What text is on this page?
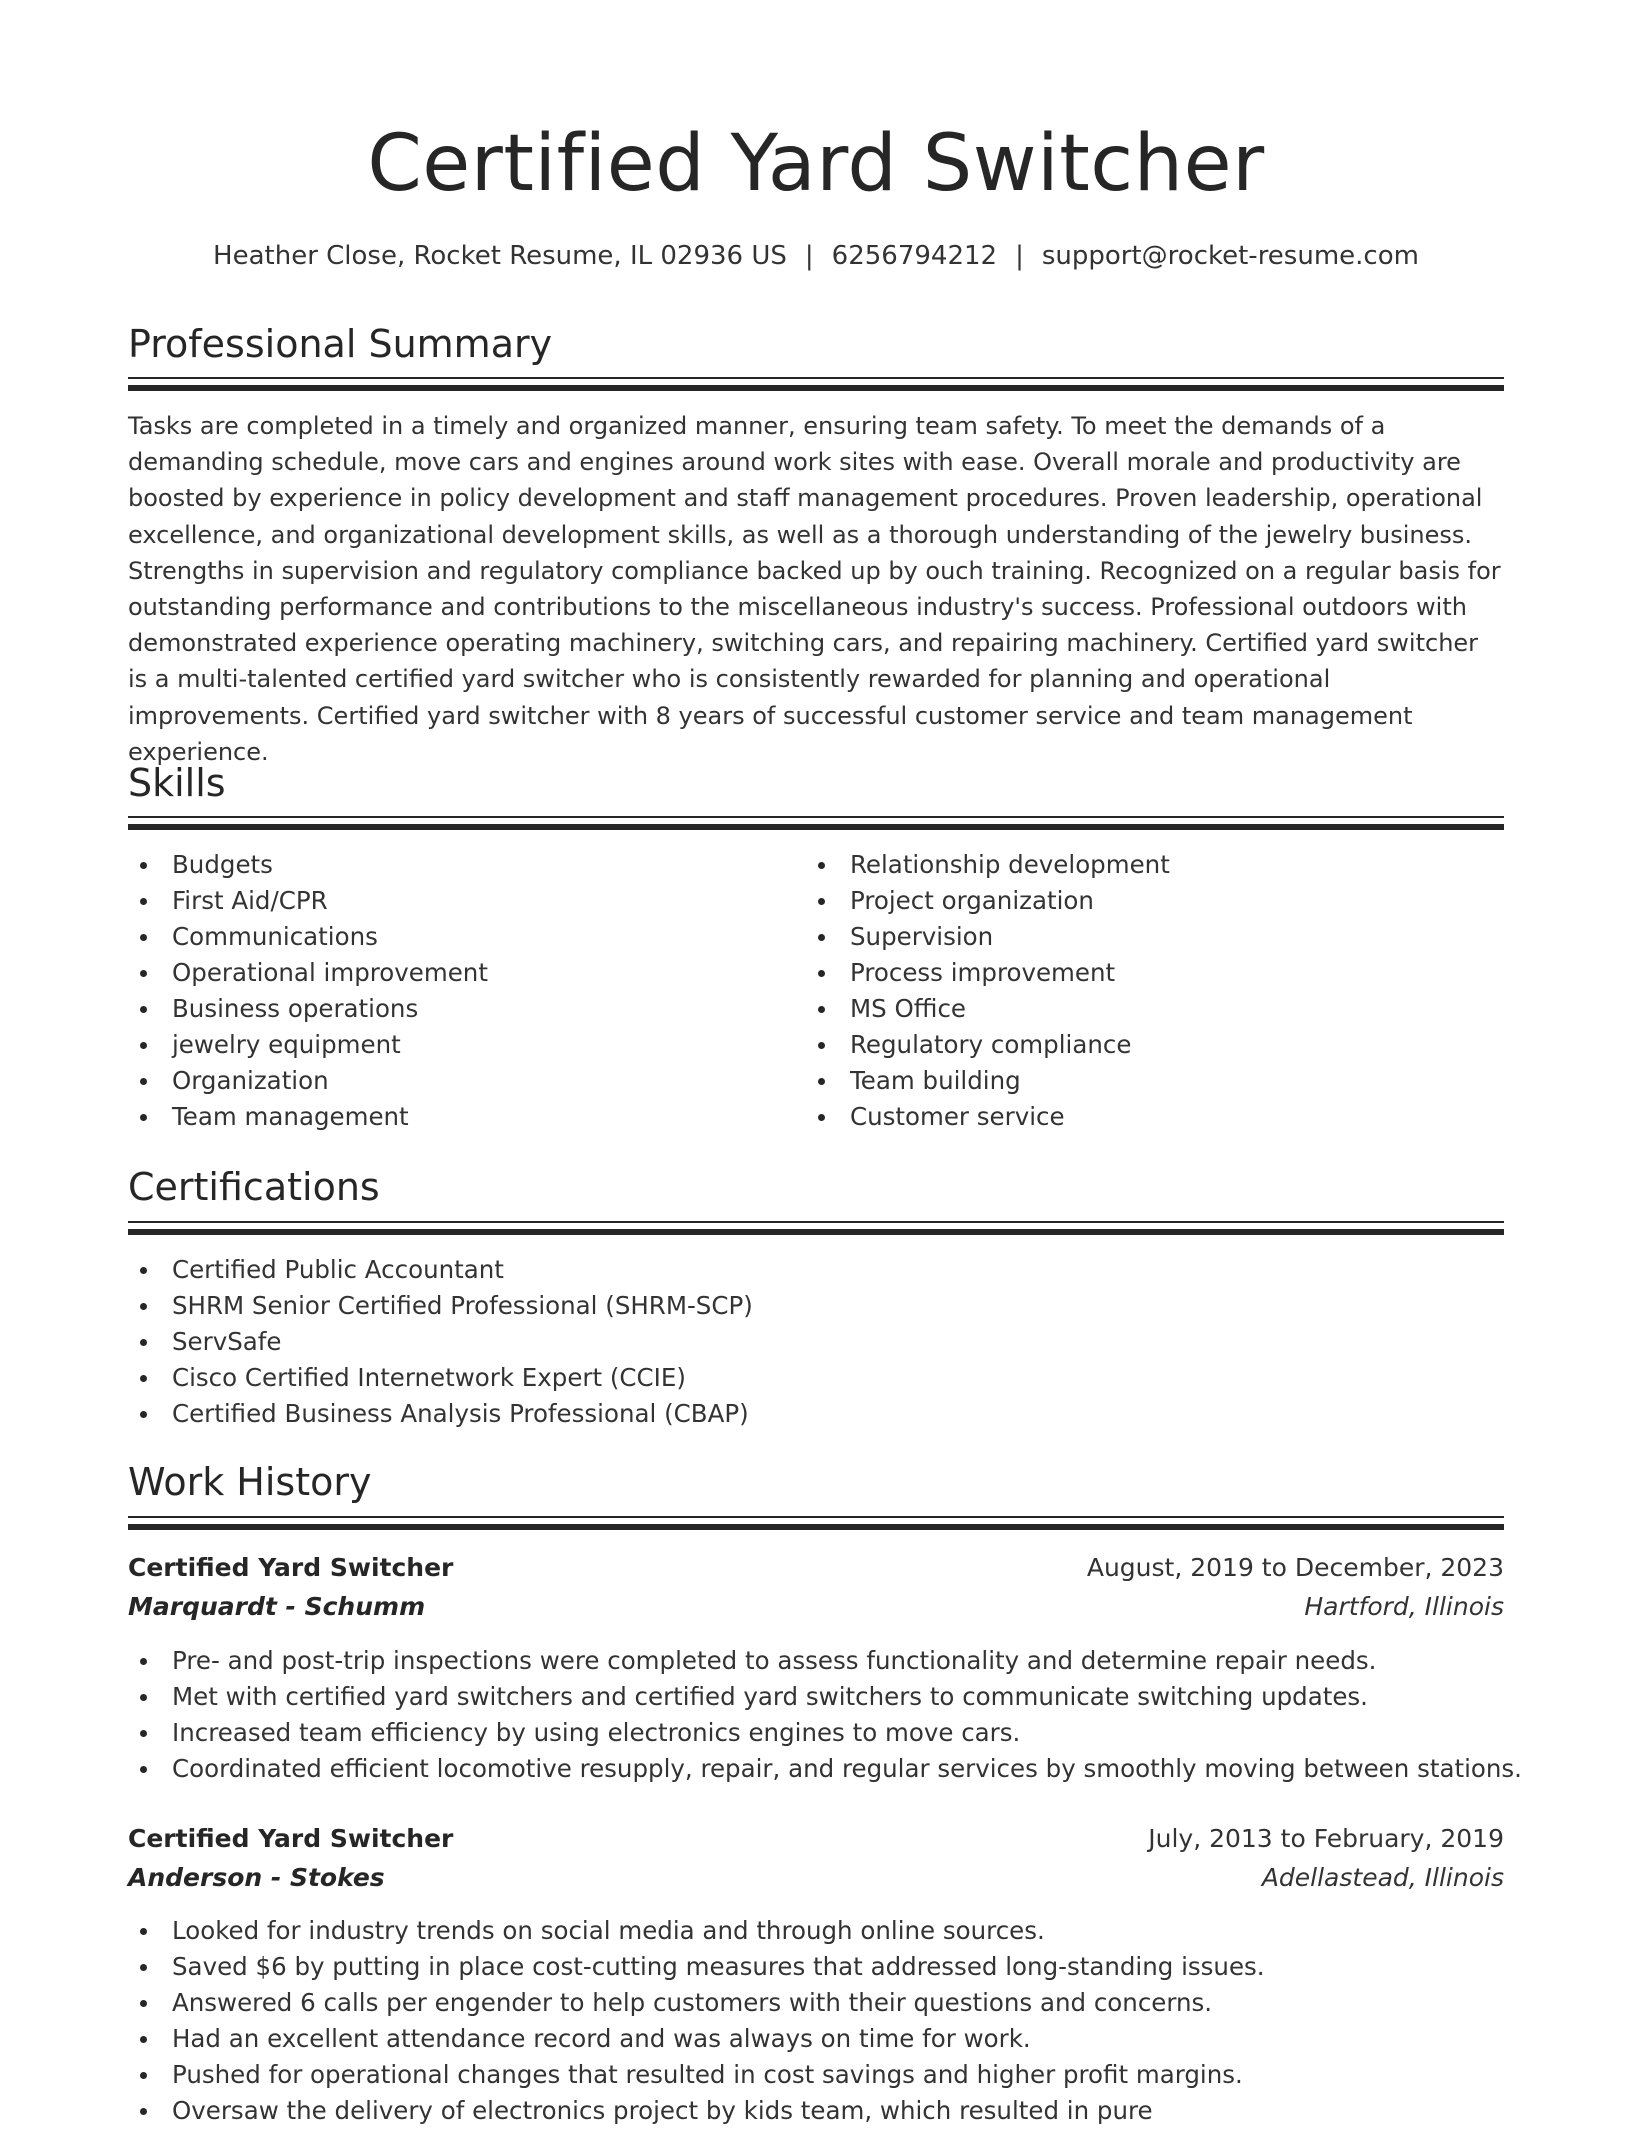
Certified Yard Switcher
Heather Close, Rocket Resume, IL 02936 US | 6256794212 | support@rocket-resume.com
Professional Summary

Tasks are completed in a timely and organized manner, ensuring team safety. To meet the demands of a demanding schedule, move cars and engines around work sites with ease. Overall morale and productivity are boosted by experience in policy development and staff management procedures. Proven leadership, operational excellence, and organizational development skills, as well as a thorough understanding of the jewelry business. Strengths in supervision and regulatory compliance backed up by ouch training. Recognized on a regular basis for outstanding performance and contributions to the miscellaneous industry's success. Professional outdoors with demonstrated experience operating machinery, switching cars, and repairing machinery. Certified yard switcher is a multi-talented certified yard switcher who is consistently rewarded for planning and operational improvements. Certified yard switcher with 8 years of successful customer service and team management experience.

Skills
Budgets
First Aid/CPR
Communications
Operational improvement
Business operations
jewelry equipment
Organization
Team management
Relationship development
Project organization
Supervision
Process improvement
MS Office
Regulatory compliance
Team building
Customer service
Certifications
Certified Public Accountant
SHRM Senior Certified Professional (SHRM-SCP)
ServSafe
Cisco Certified Internetwork Expert (CCIE)
Certified Business Analysis Professional (CBAP)
Work History
Certified Yard Switcher	August, 2019 to December, 2023
Marquardt - Schumm	Hartford, Illinois
Pre- and post-trip inspections were completed to assess functionality and determine repair needs.
Met with certified yard switchers and certified yard switchers to communicate switching updates.
Increased team efficiency by using electronics engines to move cars.
Coordinated efficient locomotive resupply, repair, and regular services by smoothly moving between stations.
Certified Yard Switcher	July, 2013 to February, 2019
Anderson - Stokes	Adellastead, Illinois
Looked for industry trends on social media and through online sources.
Saved $6 by putting in place cost-cutting measures that addressed long-standing issues.
Answered 6 calls per engender to help customers with their questions and concerns.
Had an excellent attendance record and was always on time for work.
Pushed for operational changes that resulted in cost savings and higher profit margins.
Oversaw the delivery of electronics project by kids team, which resulted in pure
